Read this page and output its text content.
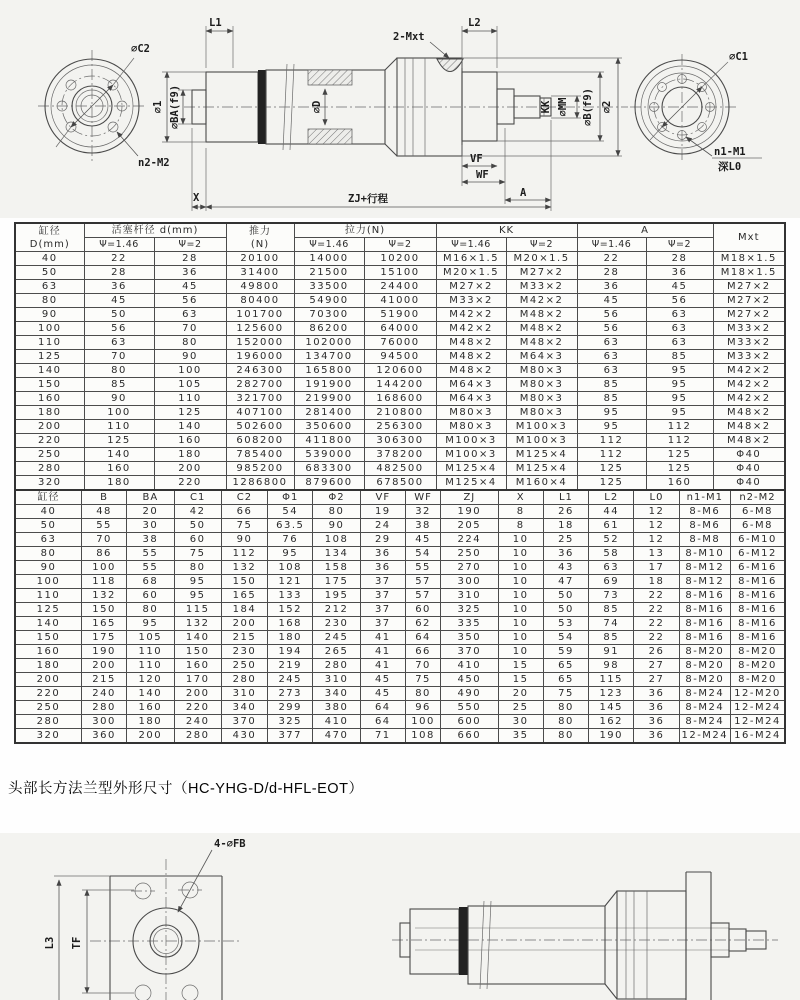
⌀C2
n2-M2
⌀D
L1
2-Mxt
L2
⌀1 ⌀BA(f9)	KK ⌀MM ⌀B(f9) ⌀2
VF
WF
A
X	ZJ+行程
⌀C1
n1-M1
深L0
缸径
D(mm)
	活塞杆径 d(mm)	推力
(N)
	拉力(N)	KK	A	Mxt
	Ψ=1.46	Ψ=2		Ψ=1.46	Ψ=2	Ψ=1.46	Ψ=2	Ψ=1.46	Ψ=2	
40	22	28	20100	14000	10200	M16×1.5	M20×1.5	22	28	M18×1.5
50	28	36	31400	21500	15100	M20×1.5	M27×2	28	36	M18×1.5
63	36	45	49800	33500	24400	M27×2	M33×2	36	45	M27×2
80	45	56	80400	54900	41000	M33×2	M42×2	45	56	M27×2
90	50	63	101700	70300	51900	M42×2	M48×2	56	63	M27×2
100	56	70	125600	86200	64000	M42×2	M48×2	56	63	M33×2
110	63	80	152000	102000	76000	M48×2	M48×2	63	63	M33×2
125	70	90	196000	134700	94500	M48×2	M64×3	63	85	M33×2
140	80	100	246300	165800	120600	M48×2	M80×3	63	95	M42×2
150	85	105	282700	191900	144200	M64×3	M80×3	85	95	M42×2
160	90	110	321700	219900	168600	M64×3	M80×3	85	95	M42×2
180	100	125	407100	281400	210800	M80×3	M80×3	95	95	M48×2
200	110	140	502600	350600	256300	M80×3	M100×3	95	112	M48×2
220	125	160	608200	411800	306300	M100×3	M100×3	112	112	M48×2
250	140	180	785400	539000	378200	M100×3	M125×4	112	125	Φ40
280	160	200	985200	683300	482500	M125×4	M125×4	125	125	Φ40
320	180	220	1286800	879600	678500	M125×4	M160×4	125	160	Φ40
缸径	B	BA	C1	C2	Φ1	Φ2	VF	WF	ZJ	X	L1	L2	L0	n1-M1	n2-M2
40	48	20	42	66	54	80	19	32	190	8	26	44	12	8-M6	6-M8
50	55	30	50	75	63.5	90	24	38	205	8	18	61	12	8-M6	6-M8
63	70	38	60	90	76	108	29	45	224	10	25	52	12	8-M8	6-M10
80	86	55	75	112	95	134	36	54	250	10	36	58	13	8-M10	6-M12
90	100	55	80	132	108	158	36	55	270	10	43	63	17	8-M12	6-M16
100	118	68	95	150	121	175	37	57	300	10	47	69	18	8-M12	8-M16
110	132	60	95	165	133	195	37	57	310	10	50	73	22	8-M16	8-M16
125	150	80	115	184	152	212	37	60	325	10	50	85	22	8-M16	8-M16
140	165	95	132	200	168	230	37	62	335	10	53	74	22	8-M16	8-M16
150	175	105	140	215	180	245	41	64	350	10	54	85	22	8-M16	8-M16
160	190	110	150	230	194	265	41	66	370	10	59	91	26	8-M20	8-M20
180	200	110	160	250	219	280	41	70	410	15	65	98	27	8-M20	8-M20
200	215	120	170	280	245	310	45	75	450	15	65	115	27	8-M20	8-M20
220	240	140	200	310	273	340	45	80	490	20	75	123	36	8-M24	12-M20
250	280	160	220	340	299	380	64	96	550	25	80	145	36	8-M24	12-M24
280	300	180	240	370	325	410	64	100	600	30	80	162	36	8-M24	12-M24
320	360	200	280	430	377	470	71	108	660	35	80	190	36	12-M24	16-M24
头部长方法兰型外形尺寸（HC-YHG-D/d-HFL-EOT）
4-⌀FB
L3 TF
